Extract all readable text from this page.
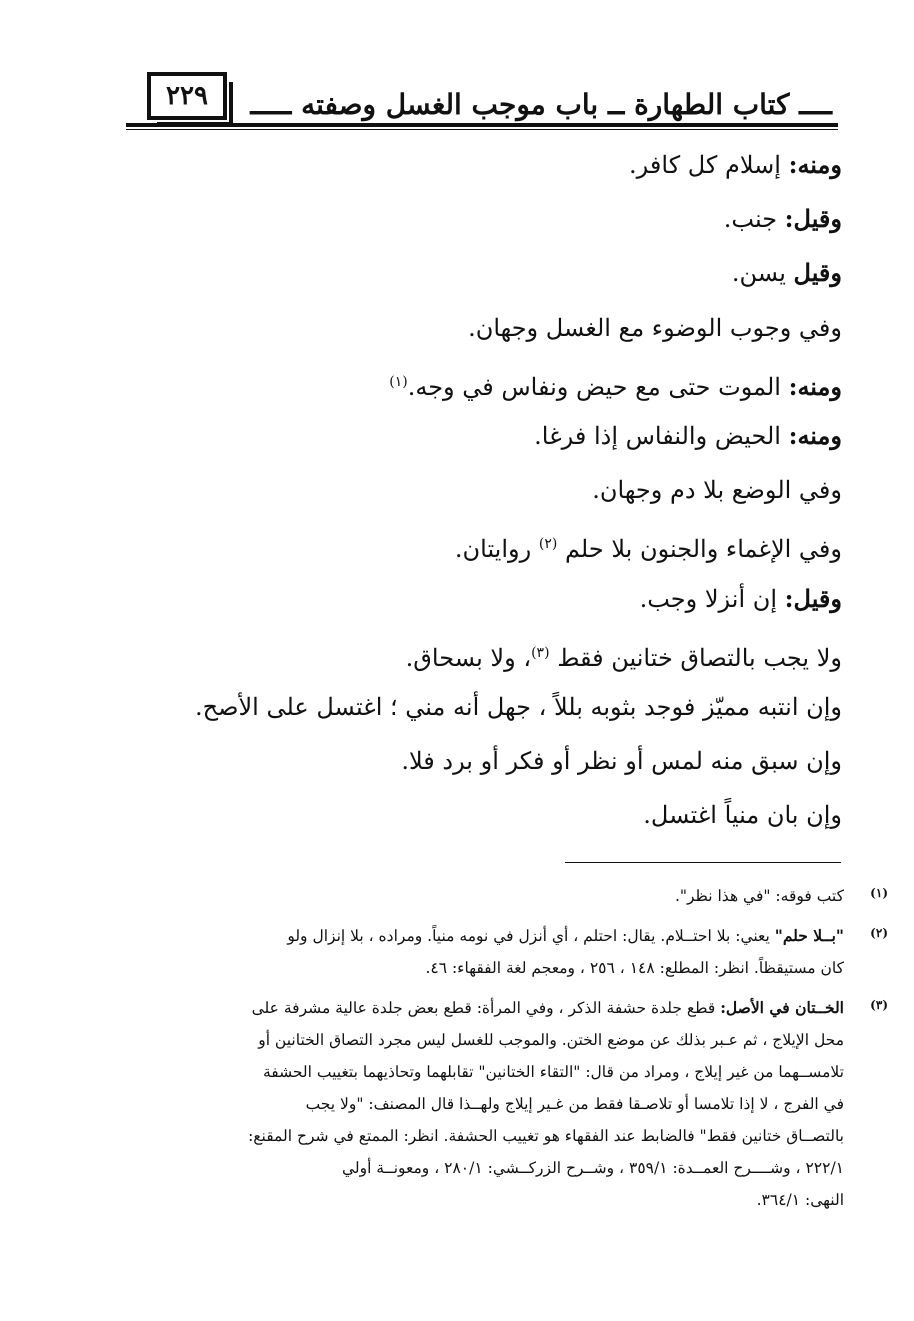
٢٢٩	ــــ كتاب الطهارة ــ باب موجب الغسل وصفته ـــــ
ومنه: إسلام كل كافر.
وقيل: جنب.
وقيل يسن.
وفي وجوب الوضوء مع الغسل وجهان.
ومنه: الموت حتى مع حيض ونفاس في وجه.$^{(١)}$
ومنه: الحيض والنفاس إذا فرغا.
وفي الوضع بلا دم وجهان.
وفي الإغماء والجنون بلا حلم $^{(٢)}$ روايتان.
وقيل: إن أنزلا وجب.
ولا يجب بالتصاق ختانين فقط $^{(٣)}$، ولا بسحاق.
وإن انتبه مميّز فوجد بثوبه بللاً ، جهل أنه مني ؛ اغتسل على الأصح.
وإن سبق منه لمس أو نظر أو فكر أو برد فلا.
وإن بان منياً اغتسل.
(١)
كتب فوقه: "في هذا نظر".
(٢)
"بــلا حلم" يعني: بلا احتــلام. يقال: احتلم ، أي أنزل في نومه منياً. ومراده ، بلا إنزال ولو
كان مستيقظاً. انظر: المطلع: ١٤٨ ، ٢٥٦ ، ومعجم لغة الفقهاء: ٤٦.
(٣)
الخــتان في الأصل: قطع جلدة حشفة الذكر ، وفي المرأة: قطع بعض جلدة عالية مشرفة على
محل الإيلاج ، ثم عـبر بذلك عن موضع الختن. والموجب للغسل ليس مجرد التصاق الختانين أو
تلامســهما من غير إيلاج ، ومراد من قال: "التقاء الختانين" تقابلهما وتحاذيهما بتغييب الحشفة
في الفرج ، لا إذا تلامسا أو تلاصـقا فقط من غـير إيلاج ولهــذا قال المصنف: "ولا يجب
بالتصــاق ختانين فقط" فالضابط عند الفقهاء هو تغييب الحشفة. انظر: الممتع في شرح المقنع:
٢٢٢/١ ، وشــــرح العمــدة: ٣٥٩/١ ، وشــرح الزركــشي: ٢٨٠/١ ، ومعونــة أولي
النهى: ٣٦٤/١.
